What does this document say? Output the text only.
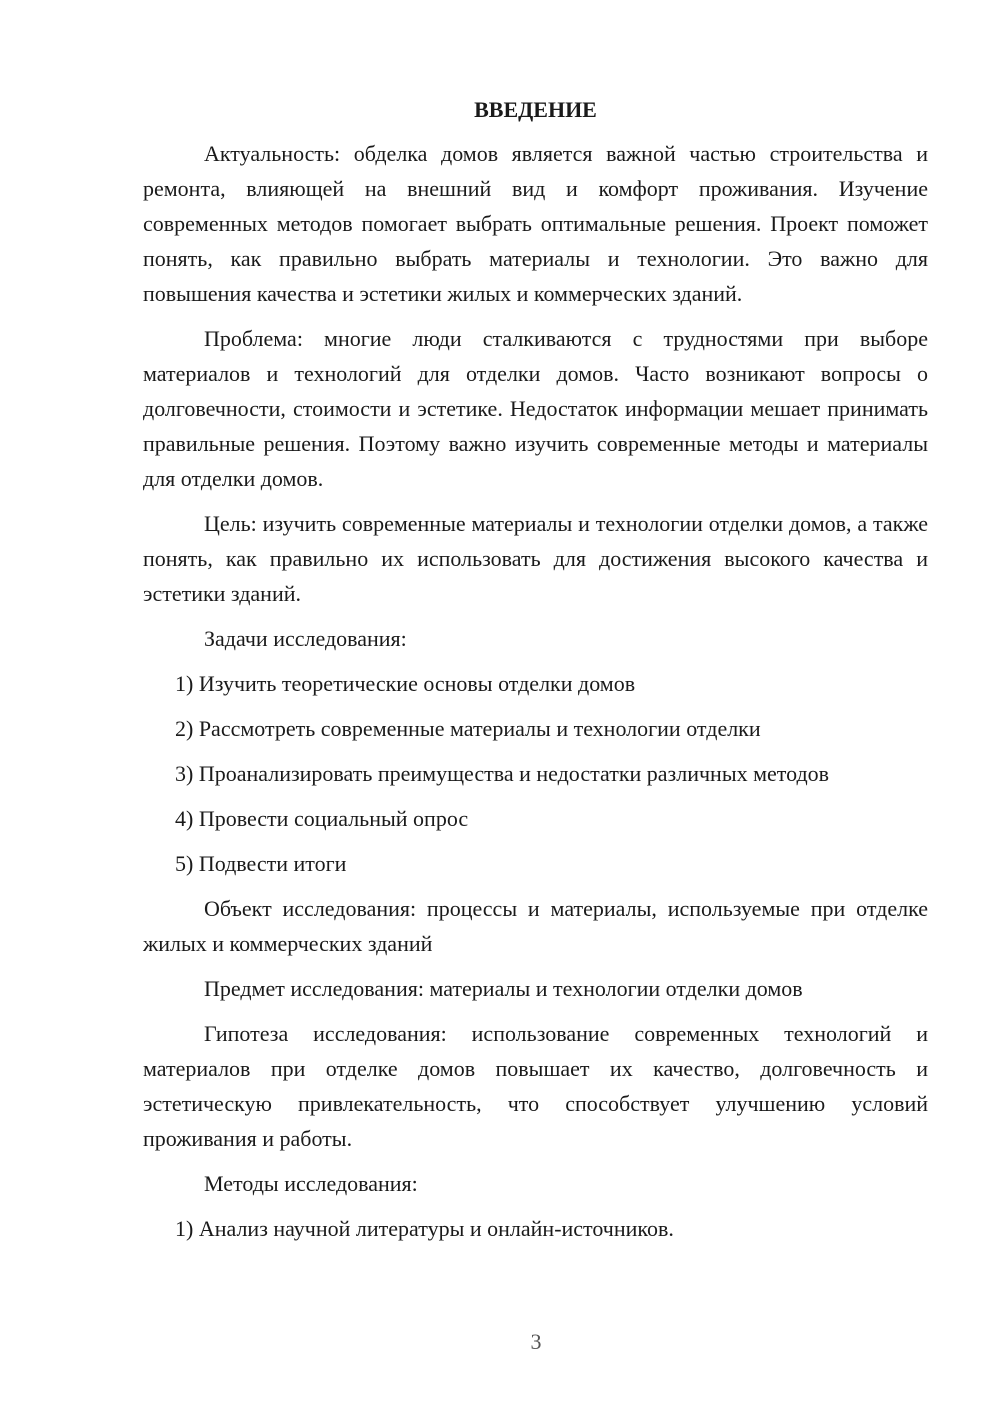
ВВЕДЕНИЕ

Актуальность: обделка домов является важной частью строительства и ремонта, влияющей на внешний вид и комфорт проживания. Изучение современных методов помогает выбрать оптимальные решения. Проект поможет понять, как правильно выбрать материалы и технологии. Это важно для повышения качества и эстетики жилых и коммерческих зданий.

Проблема: многие люди сталкиваются с трудностями при выборе материалов и технологий для отделки домов. Часто возникают вопросы о долговечности, стоимости и эстетике. Недостаток информации мешает принимать правильные решения. Поэтому важно изучить современные методы и материалы для отделки домов.

Цель: изучить современные материалы и технологии отделки домов, а также понять, как правильно их использовать для достижения высокого качества и эстетики зданий.

Задачи исследования:

1) Изучить теоретические основы отделки домов
2) Рассмотреть современные материалы и технологии отделки
3) Проанализировать преимущества и недостатки различных методов
4) Провести социальный опрос
5) Подвести итоги

Объект исследования: процессы и материалы, используемые при отделке жилых и коммерческих зданий

Предмет исследования: материалы и технологии отделки домов

Гипотеза исследования: использование современных технологий и материалов при отделке домов повышает их качество, долговечность и эстетическую привлекательность, что способствует улучшению условий проживания и работы.

Методы исследования:

1) Анализ научной литературы и онлайн-источников.
3
